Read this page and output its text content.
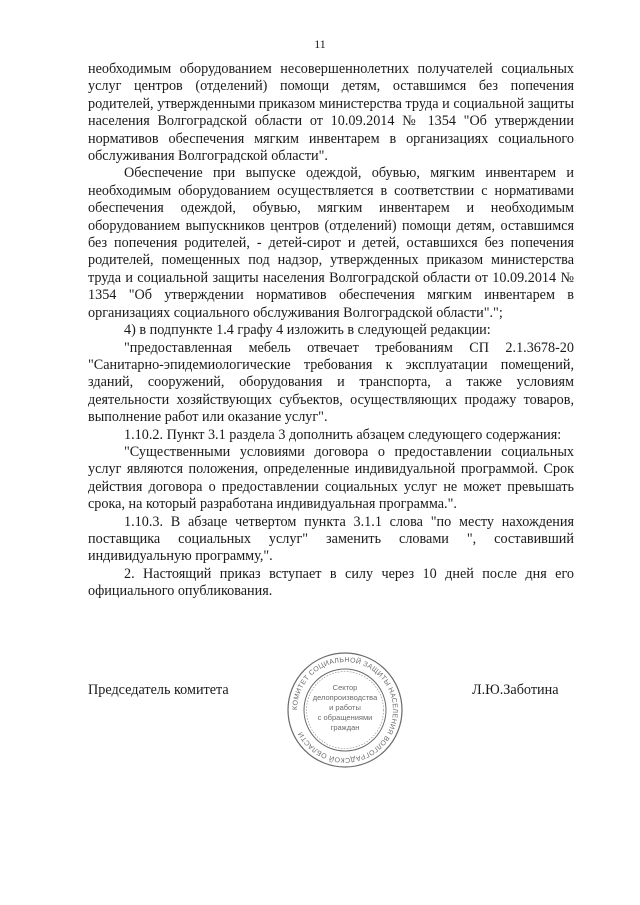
11

необходимым оборудованием несовершеннолетних получателей социальных услуг центров (отделений) помощи детям, оставшимся без попечения родителей, утвержденными приказом министерства труда и социальной защиты населения Волгоградской области от 10.09.2014 № 1354 "Об утверждении нормативов обеспечения мягким инвентарем в организациях социального обслуживания Волгоградской области".

Обеспечение при выпуске одеждой, обувью, мягким инвентарем и необходимым оборудованием осуществляется в соответствии с нормативами обеспечения одеждой, обувью, мягким инвентарем и необходимым оборудованием выпускников центров (отделений) помощи детям, оставшимся без попечения родителей, - детей-сирот и детей, оставшихся без попечения родителей, помещенных под надзор, утвержденных приказом министерства труда и социальной защиты населения Волгоградской области от 10.09.2014 № 1354 "Об утверждении нормативов обеспечения мягким инвентарем в организациях социального обслуживания Волгоградской области".";

4) в подпункте 1.4 графу 4 изложить в следующей редакции:

"предоставленная мебель отвечает требованиям СП 2.1.3678-20 "Санитарно-эпидемиологические требования к эксплуатации помещений, зданий, сооружений, оборудования и транспорта, а также условиям деятельности хозяйствующих субъектов, осуществляющих продажу товаров, выполнение работ или оказание услуг".

1.10.2. Пункт 3.1 раздела 3 дополнить абзацем следующего содержания:

"Существенными условиями договора о предоставлении социальных услуг являются положения, определенные индивидуальной программой. Срок действия договора о предоставлении социальных услуг не может превышать срока, на который разработана индивидуальная программа.".

1.10.3. В абзаце четвертом пункта 3.1.1 слова "по месту нахождения поставщика социальных услуг" заменить словами ", составивший индивидуальную программу,".

2. Настоящий приказ вступает в силу через 10 дней после дня его официального опубликования.

Председатель комитета	Л.Ю.Заботина
КОМИТЕТ СОЦИАЛЬНОЙ ЗАЩИТЫ НАСЕЛЕНИЯ ВОЛГОГРАДСКОЙ ОБЛАСТИ
Сектор
делопроизводства
и работы
с обращениями
граждан
